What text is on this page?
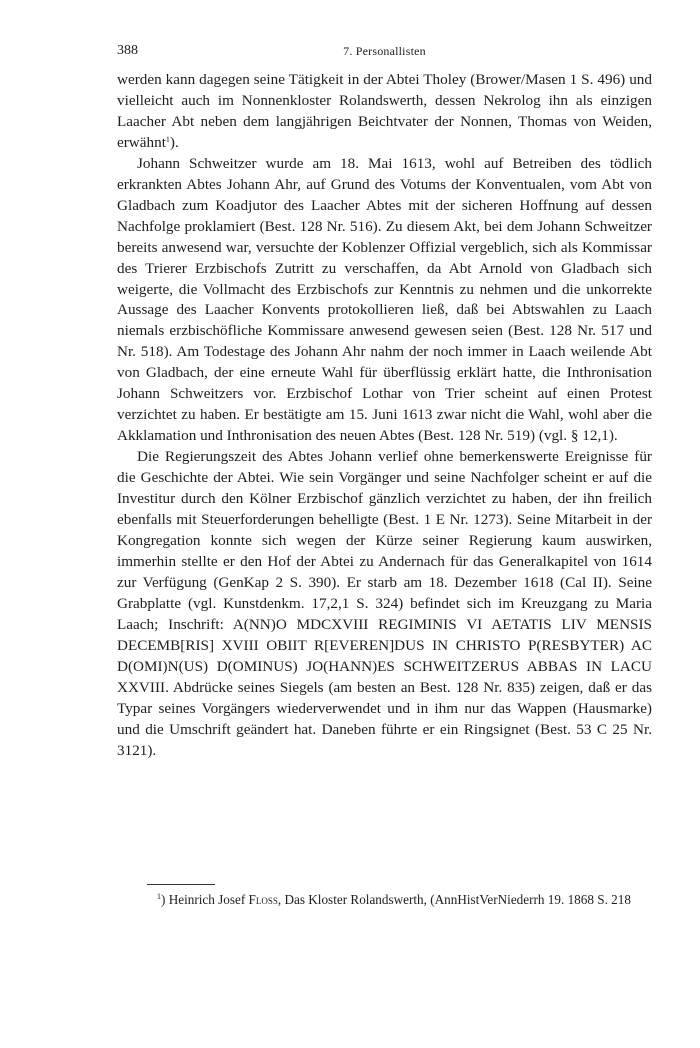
388	7. Personallisten

werden kann dagegen seine Tätigkeit in der Abtei Tholey (Brower/Masen 1 S. 496) und vielleicht auch im Nonnenkloster Rolandswerth, dessen Nekrolog ihn als einzigen Laacher Abt neben dem langjährigen Beichtvater der Nonnen, Thomas von Weiden, erwähnt$^1$).

Johann Schweitzer wurde am 18. Mai 1613, wohl auf Betreiben des tödlich erkrankten Abtes Johann Ahr, auf Grund des Votums der Konventualen, vom Abt von Gladbach zum Koadjutor des Laacher Abtes mit der sicheren Hoffnung auf dessen Nachfolge proklamiert (Best. 128 Nr. 516). Zu diesem Akt, bei dem Johann Schweitzer bereits anwesend war, versuchte der Koblenzer Offizial vergeblich, sich als Kommissar des Trierer Erzbischofs Zutritt zu verschaffen, da Abt Arnold von Gladbach sich weigerte, die Vollmacht des Erzbischofs zur Kenntnis zu nehmen und die unkorrekte Aussage des Laacher Konvents protokollieren ließ, daß bei Abtswahlen zu Laach niemals erzbischöfliche Kommissare anwesend gewesen seien (Best. 128 Nr. 517 und Nr. 518). Am Todestage des Johann Ahr nahm der noch immer in Laach weilende Abt von Gladbach, der eine erneute Wahl für überflüssig erklärt hatte, die Inthronisation Johann Schweitzers vor. Erzbischof Lothar von Trier scheint auf einen Protest verzichtet zu haben. Er bestätigte am 15. Juni 1613 zwar nicht die Wahl, wohl aber die Akklamation und Inthronisation des neuen Abtes (Best. 128 Nr. 519) (vgl. § 12,1).

Die Regierungszeit des Abtes Johann verlief ohne bemerkenswerte Ereignisse für die Geschichte der Abtei. Wie sein Vorgänger und seine Nachfolger scheint er auf die Investitur durch den Kölner Erzbischof gänzlich verzichtet zu haben, der ihn freilich ebenfalls mit Steuerforderungen behelligte (Best. 1 E Nr. 1273). Seine Mitarbeit in der Kongregation konnte sich wegen der Kürze seiner Regierung kaum auswirken, immerhin stellte er den Hof der Abtei zu Andernach für das Generalkapitel von 1614 zur Verfügung (GenKap 2 S. 390). Er starb am 18. Dezember 1618 (Cal II). Seine Grabplatte (vgl. Kunstdenkm. 17,2,1 S. 324) befindet sich im Kreuzgang zu Maria Laach; Inschrift: A(NN)O MDCXVIII REGIMINIS VI AETATIS LIV MENSIS DECEMB[RIS] XVIII OBIIT R[EVEREN]DUS IN CHRISTO P(RESBYTER) AC D(OMI)N(US) D(OMINUS) JO(HANN)ES SCHWEITZERUS ABBAS IN LACU XXVIII. Abdrücke seines Siegels (am besten an Best. 128 Nr. 835) zeigen, daß er das Typar seines Vorgängers wiederverwendet und in ihm nur das Wappen (Hausmarke) und die Umschrift geändert hat. Daneben führte er ein Ringsignet (Best. 53 C 25 Nr. 3121).

$^1$) Heinrich Josef Floss, Das Kloster Rolandswerth, (AnnHistVerNiederrh 19. 1868 S. 218
